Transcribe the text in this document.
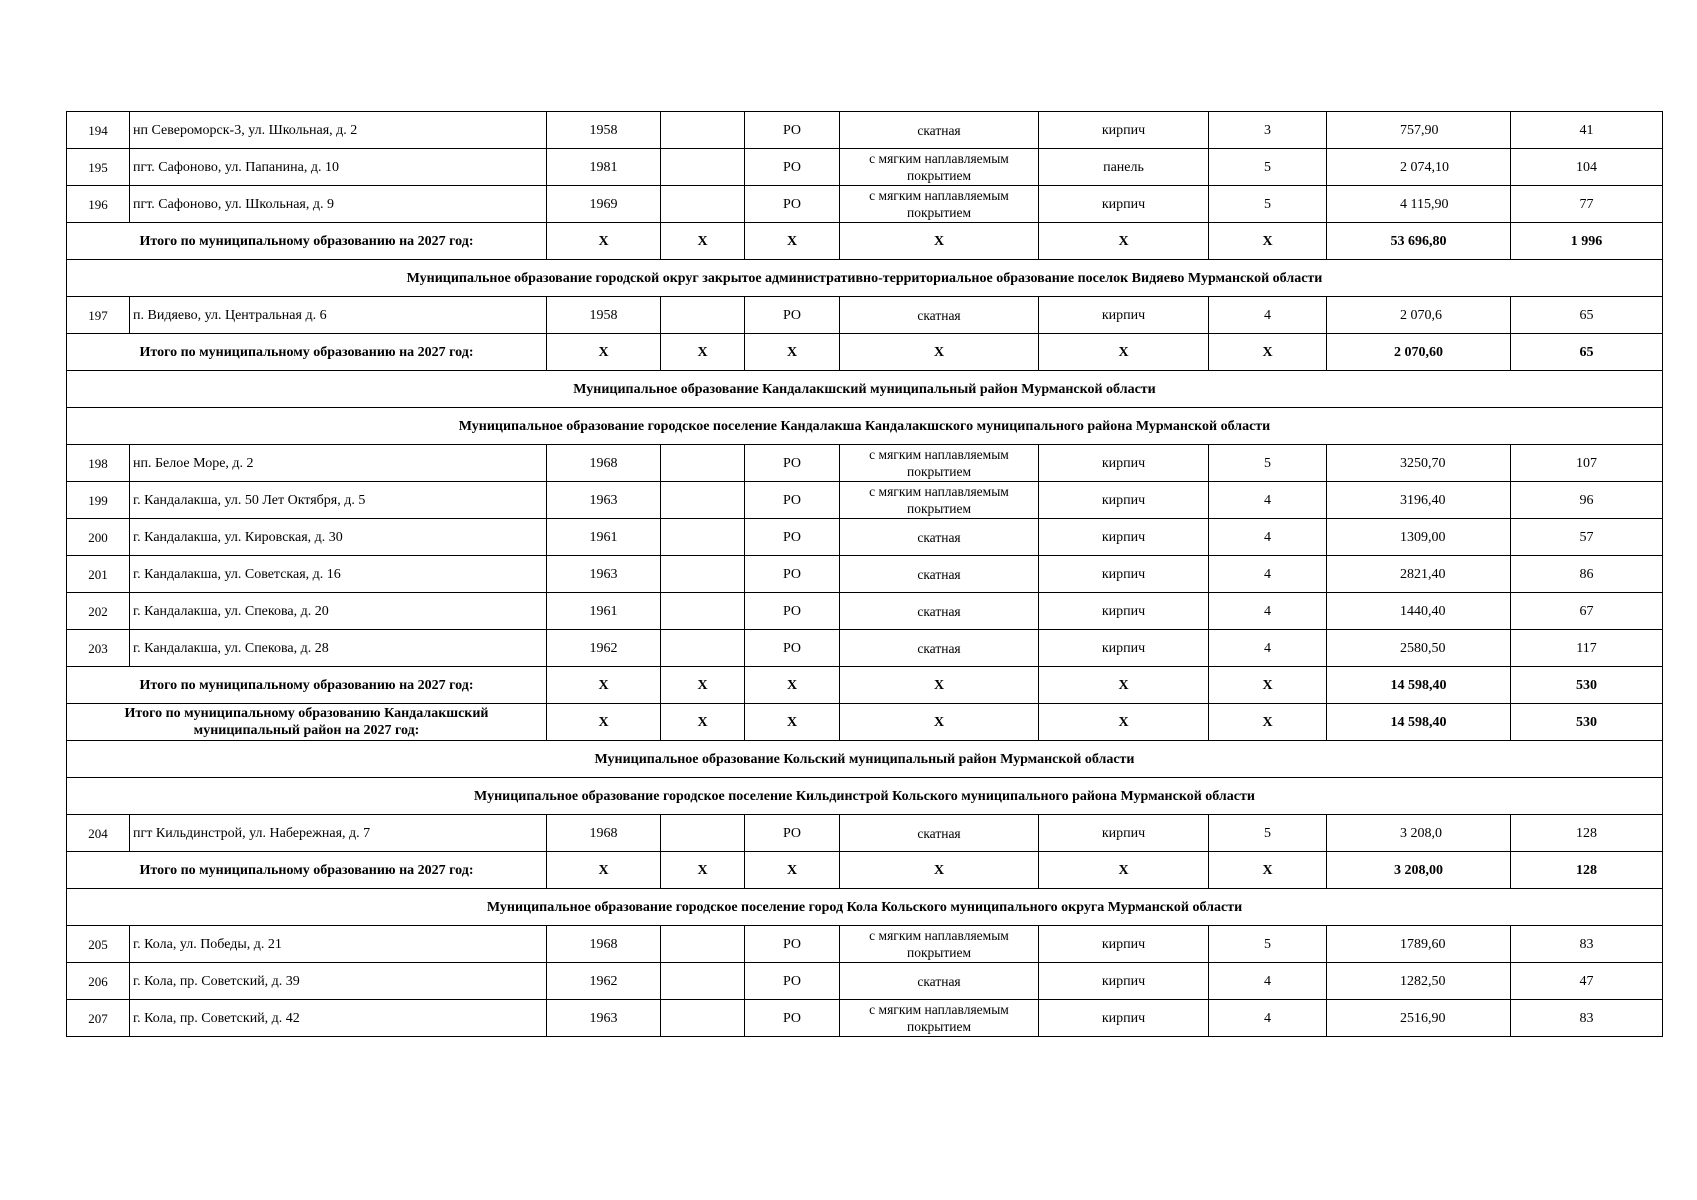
194	нп Североморск-3, ул. Школьная, д. 2	1958		РО	скатная	кирпич	3	757,90	41
195	пгт. Сафоново, ул. Папанина, д. 10	1981		РО	с мягким наплавляемым покрытием	панель	5	2 074,10	104
196	пгт. Сафоново, ул. Школьная, д. 9	1969		РО	с мягким наплавляемым покрытием	кирпич	5	4 115,90	77
Итого по муниципальному образованию на 2027 год:		X	X	X	X	X	X	53 696,80	1 996
Муниципальное образование городской округ закрытое административно-территориальное образование поселок Видяево Мурманской области									
197	п. Видяево, ул. Центральная д. 6	1958		РО	скатная	кирпич	4	2 070,6	65
Итого по муниципальному образованию на 2027 год:		X	X	X	X	X	X	2 070,60	65
Муниципальное образование Кандалакшский муниципальный район Мурманской области									
Муниципальное образование городское поселение Кандалакша Кандалакшского муниципального района Мурманской области									
198	нп. Белое Море, д. 2	1968		РО	с мягким наплавляемым покрытием	кирпич	5	3250,70	107
199	г. Кандалакша, ул. 50 Лет Октября, д. 5	1963		РО	с мягким наплавляемым покрытием	кирпич	4	3196,40	96
200	г. Кандалакша, ул. Кировская, д. 30	1961		РО	скатная	кирпич	4	1309,00	57
201	г. Кандалакша, ул. Советская, д. 16	1963		РО	скатная	кирпич	4	2821,40	86
202	г. Кандалакша, ул. Спекова, д. 20	1961		РО	скатная	кирпич	4	1440,40	67
203	г. Кандалакша, ул. Спекова, д. 28	1962		РО	скатная	кирпич	4	2580,50	117
Итого по муниципальному образованию на 2027 год:		X	X	X	X	X	X	14 598,40	530
Итого по муниципальному образованию Кандалакшский муниципальный район на 2027 год:		X	X	X	X	X	X	14 598,40	530
Муниципальное образование Кольский муниципальный район Мурманской области									
Муниципальное образование городское поселение Кильдинстрой Кольского муниципального района Мурманской области									
204	пгт Кильдинстрой, ул. Набережная, д. 7	1968		РО	скатная	кирпич	5	3 208,0	128
Итого по муниципальному образованию на 2027 год:		X	X	X	X	X	X	3 208,00	128
Муниципальное образование городское поселение город Кола Кольского муниципального округа Мурманской области									
205	г. Кола, ул. Победы, д. 21	1968		РО	с мягким наплавляемым покрытием	кирпич	5	1789,60	83
206	г. Кола, пр. Советский, д. 39	1962		РО	скатная	кирпич	4	1282,50	47
207	г. Кола, пр. Советский, д. 42	1963		РО	с мягким наплавляемым покрытием	кирпич	4	2516,90	83
